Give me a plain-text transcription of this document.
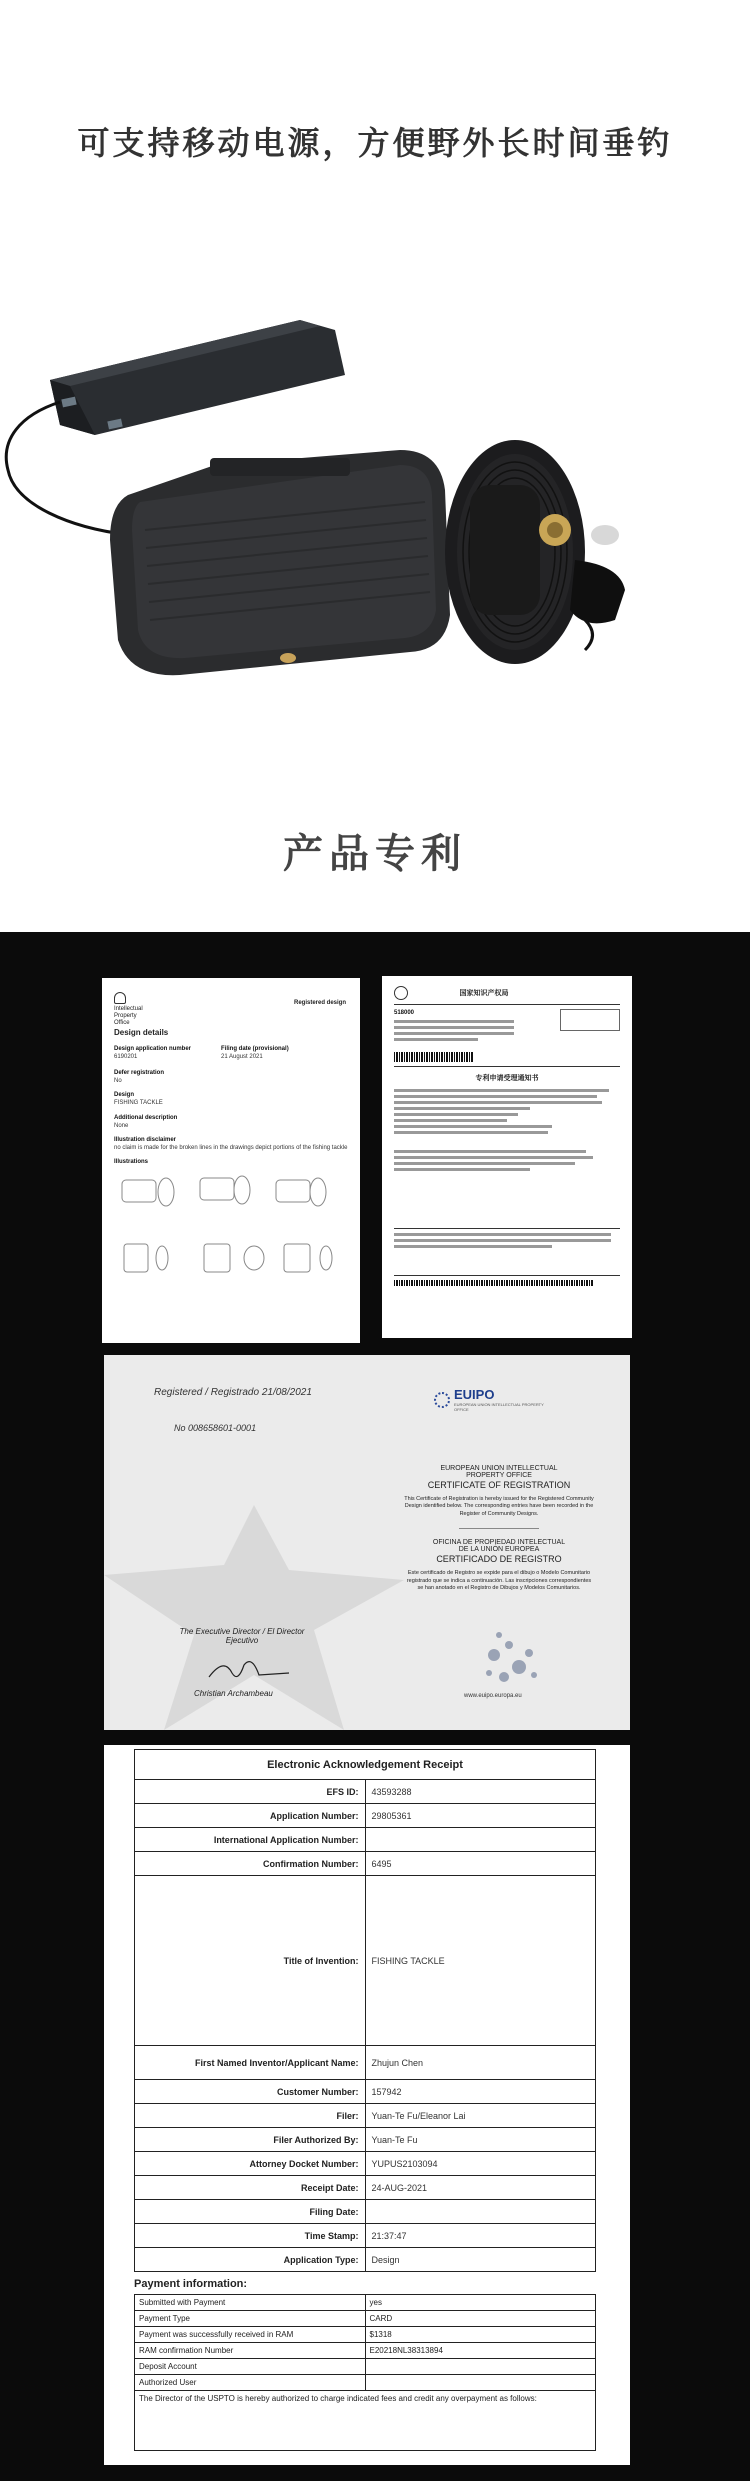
可支持移动电源，方便野外长时间垂钓
产品专利
Intellectual
Property
Office
Registered design
Design details
Design application number
6190201
Filing date (provisional)
21 August 2021
Defer registration
No
Design
FISHING TACKLE
Additional description
None
Illustration disclaimer
no claim is made for the broken lines in the drawings depict portions of the fishing tackle
Illustrations
国家知识产权局
518000
专利申请受理通知书
Registered / Registrado 21/08/2021
No 008658601-0001
EUIPO
EUROPEAN UNION INTELLECTUAL PROPERTY OFFICE
EUROPEAN UNION INTELLECTUAL
PROPERTY OFFICE
CERTIFICATE OF REGISTRATION
This Certificate of Registration is hereby issued for the Registered Community Design identified below. The corresponding entries have been recorded in the Register of Community Designs.
OFICINA DE PROPIEDAD INTELECTUAL
DE LA UNIÓN EUROPEA
CERTIFICADO DE REGISTRO
Este certificado de Registro se expide para el dibujo o Modelo Comunitario registrado que se indica a continuación. Las inscripciones correspondientes se han anotado en el Registro de Dibujos y Modelos Comunitarios.
The Executive Director / El Director
Ejecutivo
Christian Archambeau	www.euipo.europa.eu
Electronic Acknowledgement Receipt	
EFS ID:	43593288
Application Number:	29805361
International Application Number:	
Confirmation Number:	6495
Title of Invention:	FISHING TACKLE
First Named Inventor/Applicant Name:	Zhujun Chen
Customer Number:	157942
Filer:	Yuan-Te Fu/Eleanor Lai
Filer Authorized By:	Yuan-Te Fu
Attorney Docket Number:	YUPUS2103094
Receipt Date:	24-AUG-2021
Filing Date:	
Time Stamp:	21:37:47
Application Type:	Design
Payment information:
Submitted with Payment	yes
Payment Type	CARD
Payment was successfully received in RAM	$1318
RAM confirmation Number	E20218NL38313894
Deposit Account	
Authorized User	
The Director of the USPTO is hereby authorized to charge indicated fees and credit any overpayment as follows:
